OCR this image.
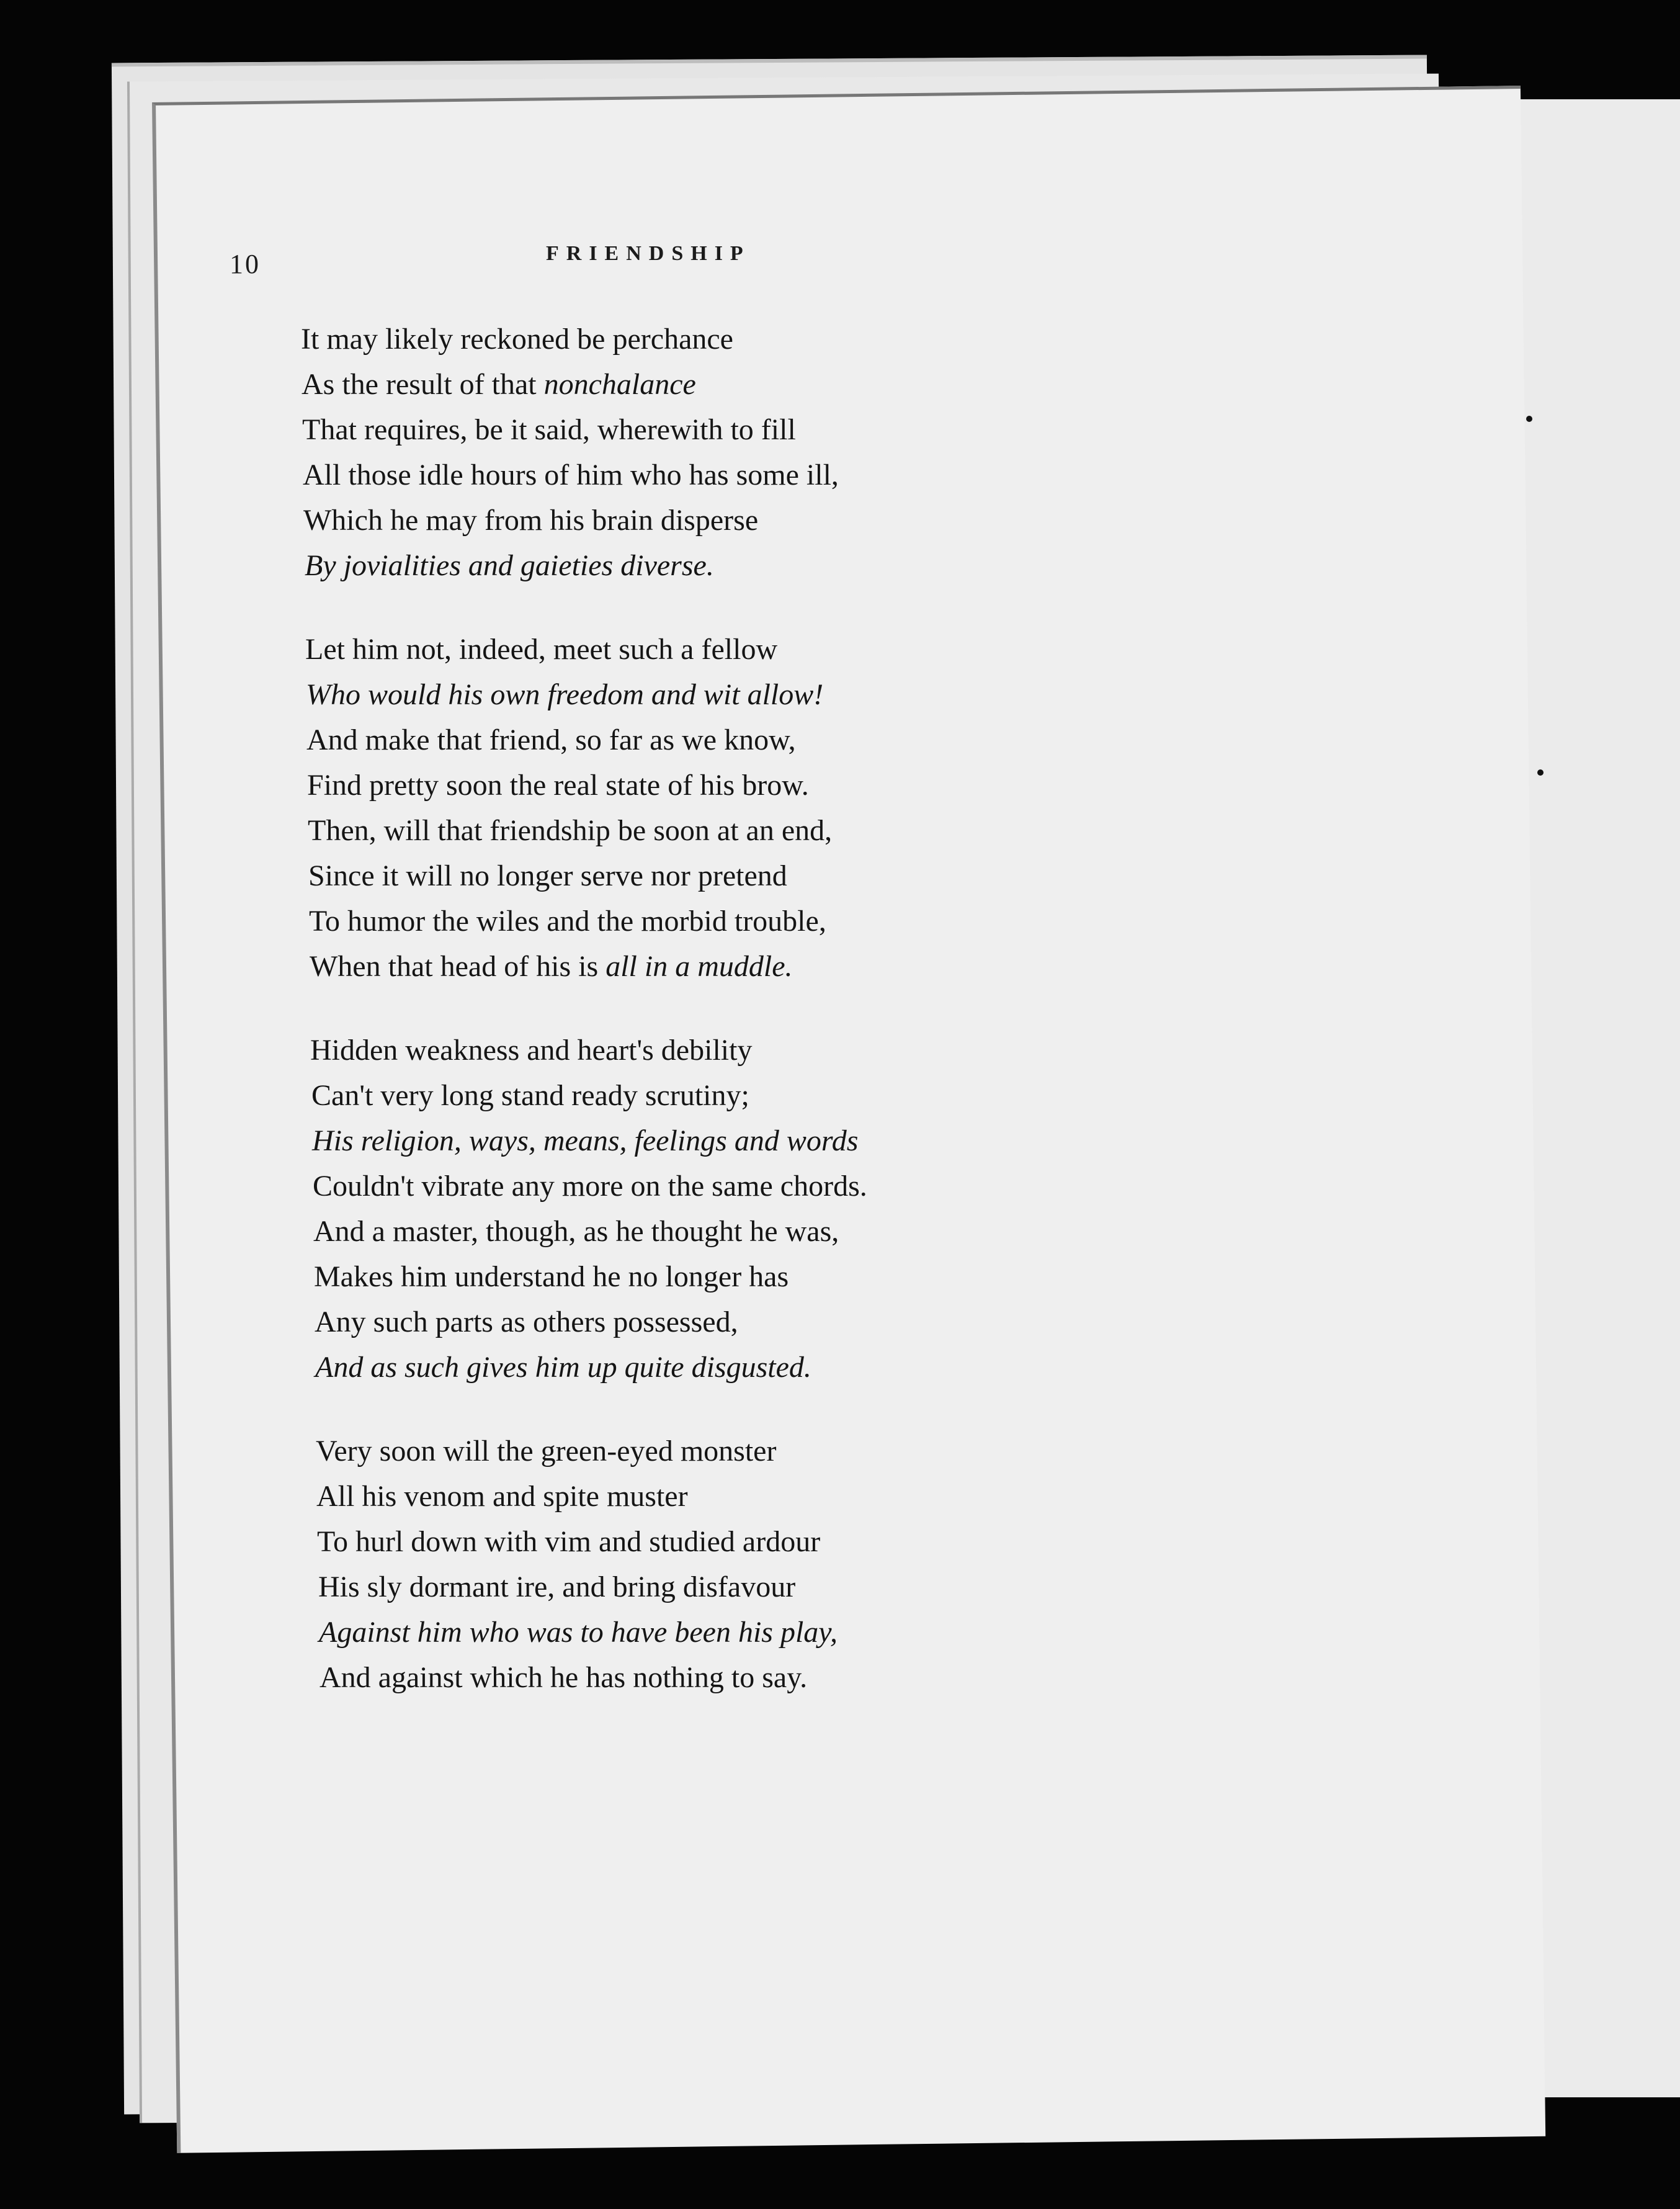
10	FRIENDSHIP
It may likely reckoned be perchance
As the result of that nonchalance
That requires, be it said, wherewith to fill
All those idle hours of him who has some ill,
Which he may from his brain disperse
By jovialities and gaieties diverse.
Let him not, indeed, meet such a fellow
Who would his own freedom and wit allow!
And make that friend, so far as we know,
Find pretty soon the real state of his brow.
Then, will that friendship be soon at an end,
Since it will no longer serve nor pretend
To humor the wiles and the morbid trouble,
When that head of his is all in a muddle.
Hidden weakness and heart's debility
Can't very long stand ready scrutiny;
His religion, ways, means, feelings and words
Couldn't vibrate any more on the same chords.
And a master, though, as he thought he was,
Makes him understand he no longer has
Any such parts as others possessed,
And as such gives him up quite disgusted.
Very soon will the green-eyed monster
All his venom and spite muster
To hurl down with vim and studied ardour
His sly dormant ire, and bring disfavour
Against him who was to have been his play,
And against which he has nothing to say.
